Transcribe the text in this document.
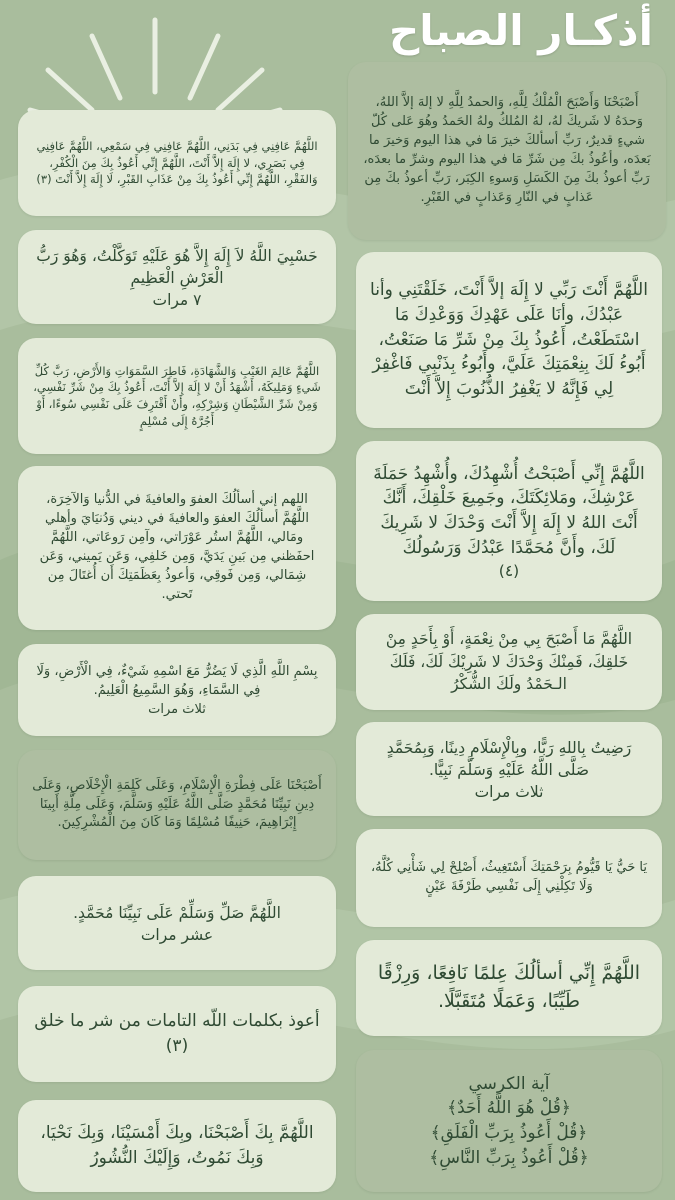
أذكـار الصباح
أَصْبَحْنَا وَأَصْبَحَ الْمُلْكُ لِلَّهِ، وَالحمدُ لِلَّهِ لا إلهَ إلاَّ اللهُ، وَحدَهُ لا شَريكَ لهُ، لهُ المُلكُ ولهُ الحَمدُ وهُوَ عَلى كُلّ شيءٍ قديرٌ، رَبِّ أسألكَ خيرَ مَا في هذا اليوم وَخيرَ ما بَعدَه، وأعُوذُ بكَ مِن شَرِّ مَا في هذا اليوم وشرِّ ما بعدَه، رَبِّ أعوذُ بكَ مِنَ الكَسَلِ وَسوءِ الكِبَر، رَبِّ أعوذُ بكَ مِن عَذابٍ في النّارِ وَعَذابٍ في القَبْرِ.
اللَّهُمَّ أَنْتَ رَبِّي لا إِلَهَ إلاَّ أَنْتَ، خَلَقْتَنِي وأنا عَبْدُكَ، وأنَا عَلَى عَهْدِكَ وَوَعْدِكَ مَا اسْتَطَعْتُ، أَعُوذُ بِكَ مِنْ شَرِّ مَا صَنَعْتُ، أَبُوءُ لَكَ بِنِعْمَتِكَ عَلَيَّ، وأَبُوءُ بِذَنْبِي فَاغْفِرْ لِي فَإِنَّهُ لا يَغْفِرُ الذُّنُوبَ إِلاَّ أَنْتَ
اللَّهُمَّ إِنِّي أَصْبَحْتُ أُشْهِدُكَ، وأُشْهِدُ حَمَلَةَ عَرْشِكَ، ومَلائِكَتَكَ، وجَمِيعَ خَلْقِكَ، أَنَّكَ أَنْتَ اللهُ لا إِلَهَ إِلاَّ أَنْتَ وَحْدَكَ لا شَرِيكَ لَكَ، وأَنَّ مُحَمَّدًا عَبْدُكَ وَرَسُولُكَ
(٤)
اللَّهُمَّ مَا أَصْبَحَ بِي مِنْ نِعْمَةٍ، أَوْ بِأَحَدٍ مِنْ خَلقِكَ، فَمِنْكَ وَحْدَكَ لا شَرِيْكَ لَكَ، فَلَكَ الـحَمْدُ ولَكَ الشُّكْرُ
رَضِيتُ بِاللهِ رَبًّا، وبِالْإِسْلَامِ دِينًا، وَبِمُحَمَّدٍ صَلَّى اللَّهُ عَلَيْهِ وَسَلَّمَ نَبِيًّا.
ثلاث مرات
يَا حَيُّ يَا قَيُّومُ بِرَحْمَتِكَ أَسْتَغِيثُ، أَصْلِحْ لِي شَأْنِي كُلَّهُ، وَلَا تَكِلْنِي إِلَى نَفْسِي طَرْفَةَ عَيْنٍ
اللَّهُمَّ إِنِّي أسألُكَ عِلمًا نَافِعًا، وَرِزْقًا طَيِّبًا، وَعَمَلًا مُتَقَبَّلًا.
آية الكرسي
﴿قُلْ هُوَ اللَّهُ أَحَدٌ﴾
﴿قُلْ أَعُوذُ بِرَبِّ الْفَلَقِ﴾
﴿قُلْ أَعُوذُ بِرَبِّ النَّاسِ﴾
اللَّهُمَّ عَافِنِي فِي بَدَنِي، اللَّهُمَّ عَافِنِي فِي سَمْعِي، اللَّهُمَّ عَافِنِي فِي بَصَرِي، لا إِلَهَ إِلاَّ أَنْتَ، اللَّهُمَّ إِنِّي أَعُوذُ بِكَ مِنَ الْكُفْرِ، وَالفَقْرِ، اللَّهُمَّ إِنِّي أَعُوذُ بِكَ مِنْ عَذَابِ القَبْرِ، لَا إِلَهَ إِلاَّ أَنْتَ (٣)
حَسْبِيَ اللَّهُ لاَ إِلَهَ إِلاَّ هُوَ عَلَيْهِ تَوَكَّلْتُ، وَهُوَ رَبُّ الْعَرْشِ الْعَظِيمِ
٧ مرات
اللَّهُمَّ عَالِمَ الغَيْبِ وَالشَّهَادَةِ، فَاطِرَ السَّمَوَاتِ وَالأَرْضِ، رَبَّ كُلِّ شَيءٍ وَمَلِيكَهُ، أَشْهَدُ أَنْ لا إِلَهَ إِلاَّ أَنْتَ، أَعُوذُ بِكَ مِنْ شَرِّ نَفْسِي، وَمِنْ شَرِّ الشَّيْطَانِ وَشِرْكِهِ، وأَنْ أَقْتَرِفَ عَلَى نَفْسِي سُوءًا، أَوْ أَجُرَّهُ إِلَى مُسْلِمٍ
اللهم إني أسألُكَ العفوَ والعافيةَ في الدُّنيا وَالآخِرَة، اللَّهُمَّ أسألُكَ العفوَ والعافيةَ في ديني وَدُنيَايَ وأهلي ومَالي، اللَّهُمَّ استُر عَوْرَاتي، وآمِن رَوعَاتي، اللَّهُمَّ احفَظني مِن بَينِ يَدَيَّ، وَمِن خَلفِي، وَعَن يَميني، وَعَن شِمَالي، وَمِن فَوقِي، وَأعوذُ بِعَظَمَتِكَ أَن أُغتَالَ مِن تَحتي.
بِسْمِ اللَّهِ الَّذِي لَا يَضُرُّ مَعَ اسْمِهِ شَيْءٌ، فِي الْأَرْضِ، وَلَا فِي السَّمَاءِ، وَهُوَ السَّمِيعُ الْعَلِيمُ.
ثلاث مرات
أَصْبَحْنَا عَلَى فِطْرَةِ الْإِسْلَامِ، وَعَلَى كَلِمَةِ الْإِخْلَاصِ، وَعَلَى دِينِ نَبِيِّنَا مُحَمَّدٍ صَلَّى اللَّهُ عَلَيْهِ وَسَلَّمَ، وَعَلَى مِلَّةِ أَبِينَا إِبْرَاهِيمَ، حَنِيفًا مُسْلِمًا وَمَا كَانَ مِنَ الْمُشْرِكِينَ.
اللَّهُمَّ صَلِّ وَسَلِّمْ عَلَى نَبِيِّنَا مُحَمَّدٍ.
عشر مرات
أعوذ بكلمات اللّه التامات من شر ما خلق (٣)
اللَّهُمَّ بِكَ أَصْبَحْنَا، وبِكَ أَمْسَيْنَا، وَبِكَ نَحْيَا، وَبِكَ نَمُوتُ، وَإِلَيْكَ النُّشُورُ
